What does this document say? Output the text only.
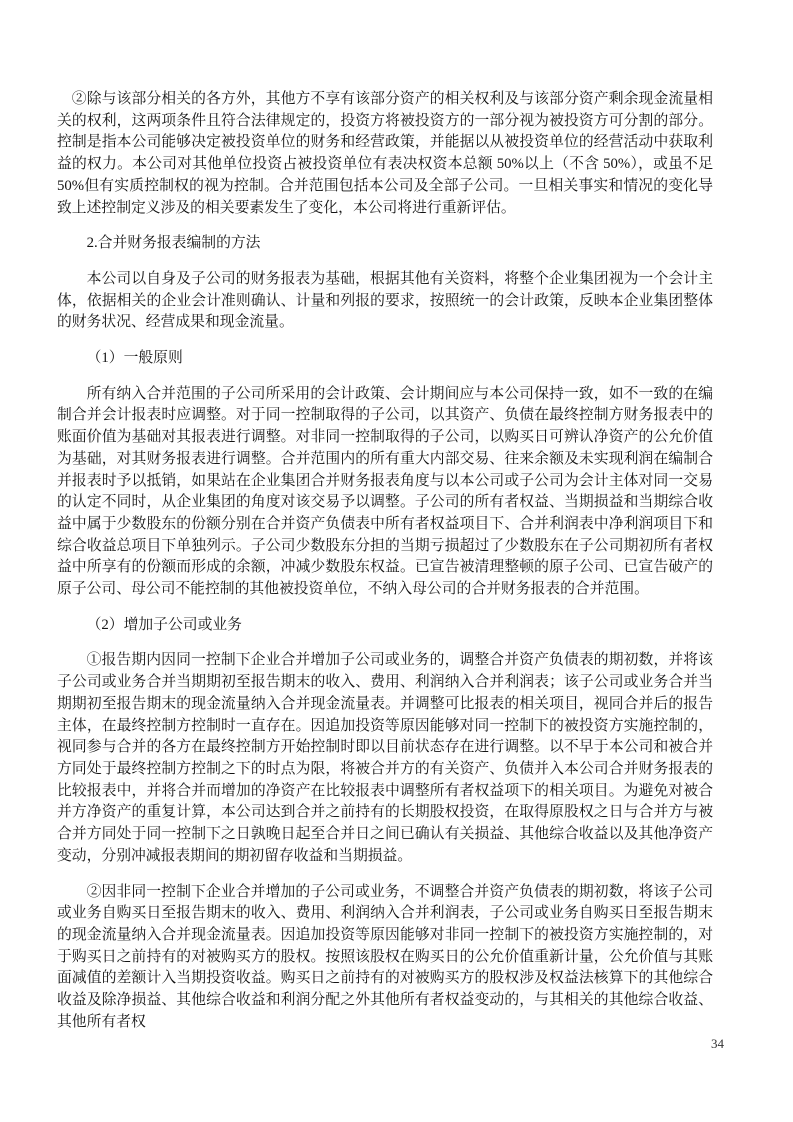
②除与该部分相关的各方外，其他方不享有该部分资产的相关权利及与该部分资产剩余现金流量相关的权利，这两项条件且符合法律规定的，投资方将被投资方的一部分视为被投资方可分割的部分。控制是指本公司能够决定被投资单位的财务和经营政策，并能据以从被投资单位的经营活动中获取利益的权力。本公司对其他单位投资占被投资单位有表决权资本总额 50%以上（不含 50%），或虽不足 50%但有实质控制权的视为控制。合并范围包括本公司及全部子公司。一旦相关事实和情况的变化导致上述控制定义涉及的相关要素发生了变化，本公司将进行重新评估。

2.合并财务报表编制的方法

本公司以自身及子公司的财务报表为基础，根据其他有关资料，将整个企业集团视为一个会计主体，依据相关的企业会计准则确认、计量和列报的要求，按照统一的会计政策，反映本企业集团整体的财务状况、经营成果和现金流量。

（1）一般原则

所有纳入合并范围的子公司所采用的会计政策、会计期间应与本公司保持一致，如不一致的在编制合并会计报表时应调整。对于同一控制取得的子公司，以其资产、负债在最终控制方财务报表中的账面价值为基础对其报表进行调整。对非同一控制取得的子公司，以购买日可辨认净资产的公允价值为基础，对其财务报表进行调整。合并范围内的所有重大内部交易、往来余额及未实现利润在编制合并报表时予以抵销，如果站在企业集团合并财务报表角度与以本公司或子公司为会计主体对同一交易的认定不同时，从企业集团的角度对该交易予以调整。子公司的所有者权益、当期损益和当期综合收益中属于少数股东的份额分别在合并资产负债表中所有者权益项目下、合并利润表中净利润项目下和综合收益总项目下单独列示。子公司少数股东分担的当期亏损超过了少数股东在子公司期初所有者权益中所享有的份额而形成的余额，冲减少数股东权益。已宣告被清理整顿的原子公司、已宣告破产的原子公司、母公司不能控制的其他被投资单位，不纳入母公司的合并财务报表的合并范围。

（2）增加子公司或业务

①报告期内因同一控制下企业合并增加子公司或业务的，调整合并资产负债表的期初数，并将该子公司或业务合并当期期初至报告期末的收入、费用、利润纳入合并利润表；该子公司或业务合并当期期初至报告期末的现金流量纳入合并现金流量表。并调整可比报表的相关项目，视同合并后的报告主体，在最终控制方控制时一直存在。因追加投资等原因能够对同一控制下的被投资方实施控制的，视同参与合并的各方在最终控制方开始控制时即以目前状态存在进行调整。以不早于本公司和被合并方同处于最终控制方控制之下的时点为限，将被合并方的有关资产、负债并入本公司合并财务报表的比较报表中，并将合并而增加的净资产在比较报表中调整所有者权益项下的相关项目。为避免对被合并方净资产的重复计算，本公司达到合并之前持有的长期股权投资，在取得原股权之日与合并方与被合并方同处于同一控制下之日孰晚日起至合并日之间已确认有关损益、其他综合收益以及其他净资产变动，分别冲减报表期间的期初留存收益和当期损益。

②因非同一控制下企业合并增加的子公司或业务，不调整合并资产负债表的期初数，将该子公司或业务自购买日至报告期末的收入、费用、利润纳入合并利润表，子公司或业务自购买日至报告期末的现金流量纳入合并现金流量表。因追加投资等原因能够对非同一控制下的被投资方实施控制的，对于购买日之前持有的对被购买方的股权。按照该股权在购买日的公允价值重新计量，公允价值与其账面减值的差额计入当期投资收益。购买日之前持有的对被购买方的股权涉及权益法核算下的其他综合收益及除净损益、其他综合收益和利润分配之外其他所有者权益变动的，与其相关的其他综合收益、其他所有者权

34
